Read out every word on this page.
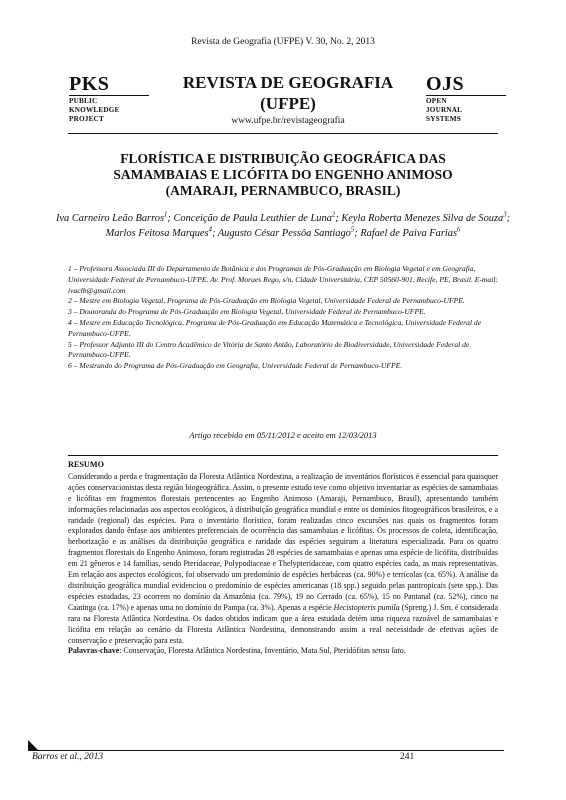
Revista de Geografia (UFPE) V. 30, No. 2, 2013
PKS
PUBLIC
KNOWLEDGE
PROJECT
OJS
OPEN
JOURNAL
SYSTEMS
REVISTA DE GEOGRAFIA
(UFPE)
www.ufpe.br/revistageografia
FLORÍSTICA E DISTRIBUIÇÃO GEOGRÁFICA DAS
SAMAMBAIAS E LICÓFITA DO ENGENHO ANIMOSO
(AMARAJI, PERNAMBUCO, BRASIL)
Iva Carneiro Leão Barros$^1$; Conceição de Paula Leuthier de Luna$^2$; Keyla Roberta Menezes Silva de Souza$^3$; Marlos Feitosa Marques$^4$; Augusto César Pessôa Santiago$^5$; Rafael de Paiva Farias$^6$

1 – Professora Associada III do Departamento de Botânica e dos Programas de Pós-Graduação em Biologia Vegetal e em Geografia, Universidade Federal de Pernambuco-UFPE. Av. Prof. Moraes Rego, s/n, Cidade Universitária, CEP 50560-901, Recife, PE, Brasil. E-mail: ivaclb@gmail.com

2 – Mestre em Biologia Vegetal, Programa de Pós-Graduação em Biologia Vegetal, Universidade Federal de Pernambuco-UFPE.

3 – Doutoranda do Programa de Pós-Graduação em Biologia Vegetal, Universidade Federal de Pernambuco-UFPE.

4 – Mestre em Educação Tecnológica, Programa de Pós-Graduação em Educação Matemática e Tecnológica, Universidade Federal de Pernambuco-UFPE.

5 – Professor Adjunto III do Centro Acadêmico de Vitória de Santo Antão, Laboratório de Biodiversidade, Universidade Federal de Pernambuco-UFPE.

6 – Mestrando do Programa de Pós-Graduação em Geografia, Universidade Federal de Pernambuco-UFPE.

Artigo recebido em 05/11/2012 e aceito em 12/03/2013
RESUMO

Considerando a perda e fragmentação da Floresta Atlântica Nordestina, a realização de inventários florísticos é essencial para quaisquer ações conservacionistas desta região biogeográfica. Assim, o presente estudo teve como objetivo inventariar as espécies de samambaias e licófitas em fragmentos florestais pertencentes ao Engenho Animoso (Amaraji, Pernambuco, Brasil), apresentando também informações relacionadas aos aspectos ecológicos, à distribuição geográfica mundial e entre os domínios fitogeográficos brasileiros, e a raridade (regional) das espécies. Para o inventário florístico, foram realizadas cinco excursões nas quais os fragmentos foram explorados dando ênfase aos ambientes preferenciais de ocorrência das samambaias e licófitas. Os processos de coleta, identificação, herborização e as análises da distribuição geográfica e raridade das espécies seguiram a literatura especializada. Para os quatro fragmentos florestais do Engenho Animoso, foram registradas 28 espécies de samambaias e apenas uma espécie de licófita, distribuídas em 21 gêneros e 14 famílias, sendo Pteridaceae, Polypodiaceae e Thelypteridaceae, com quatro espécies cada, as mais representativas. Em relação aos aspectos ecológicos, foi observado um predomínio de espécies herbáceas (ca. 90%) e terrícolas (ca. 65%). A análise da distribuição geográfica mundial evidenciou o predomínio de espécies americanas (18 spp.) seguido pelas pantropicais (sete spp.). Das espécies estudadas, 23 ocorrem no domínio da Amazônia (ca. 79%), 19 no Cerrado (ca. 65%), 15 no Pantanal (ca. 52%), cinco na Caatinga (ca. 17%) e apenas uma no domínio do Pampa (ca. 3%). Apenas a espécie Hecistopteris pumila (Spreng.) J. Sm. é considerada rara na Floresta Atlântica Nordestina. Os dados obtidos indicam que a área estudada detém uma riqueza razoável de samambaias e licófita em relação ao cenário da Floresta Atlântica Nordestina, demonstrando assim a real necessidade de efetivas ações de conservação e preservação para esta.

Palavras-chave: Conservação, Floresta Atlântica Nordestina, Inventário, Mata Sul, Pteridófitas sensu lato.

Barros et al., 2013	241
